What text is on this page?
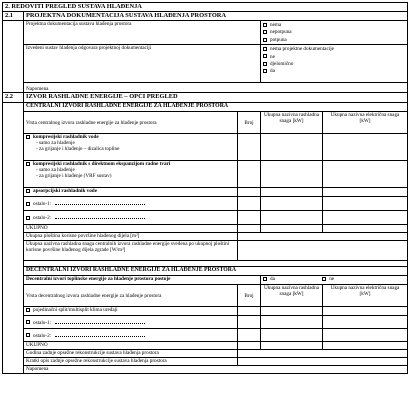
2. REDOVITI PREGLED SUSTAVA HLAĐENJA				
2.1	PROJEKTNA DOKUMENTACIJA SUSTAVA HLAĐENJA PROSTORA			
	Projektna dokumentacija sustava hlađenja prostora		nema
nepotpuna
potpuna	

	Izvedeni sustav hlađenja odgovara projektnoj dokumentaciji		nema projektne dokumentacije
ne
djelomično
da	

	Napomena			
2.2	IZVOR RASHLADNE ENERGIJE – OPĆI PREGLED			
	CENTRALNI IZVORI RASHLADNE ENERGIJE ZA HLAĐENJE PROSTORA			
	Vrsta centralnog izvora rashladne energije za hlađenje prostora	Broj	Ukupna nazivna rashladna snaga [kW]	Ukupna nazivna električna snaga [kW]
	kompresijski rashladnik vode
- samo za hlađenje
- za grijanje i hlađenje – dizalica topline			
	kompresijski rashladnik s direktnom ekspanzijom radne tvari
- samo za hlađenje
- za grijanje i hlađenje (VRF sustav)			
	apsorpcijski rashladnik vode			
	ostalo-1:			
	ostalo-2:			
	UKUPNO			
	Ukupna ploština korisne površine hlađenog dijela [m²]			
	Ukupna nazivna rashladna snaga centralnih izvora rashladne energije svedena po ukupnoj ploštini korisne površine hlađenog dijela zgrade [W/m²]			

	DECENTRALNI IZVORI RASHLADNE ENERGIJE ZA HLAĐENJE PROSTORA			
	Decentralni izvori toplinske energije za hlađenje prostora postoje		da ne	
	Vrsta decentralnog izvora rashladne energije za hlađenje prostora	Broj	Ukupna nazivna rashladna snaga [kW]	Ukupna nazivna električna snaga [kW]
	pojedinačni split/multisplit klima uređaji			
	ostalo-1:			
	ostalo-2:			
	UKUPNO			
	Godina zadnje opsežne rekonstrukcije sustava hlađenja prostora			
	Kratki opis zadnje opsežne rekonstrukcije sustava hlađenja prostora			
	Napomena			
